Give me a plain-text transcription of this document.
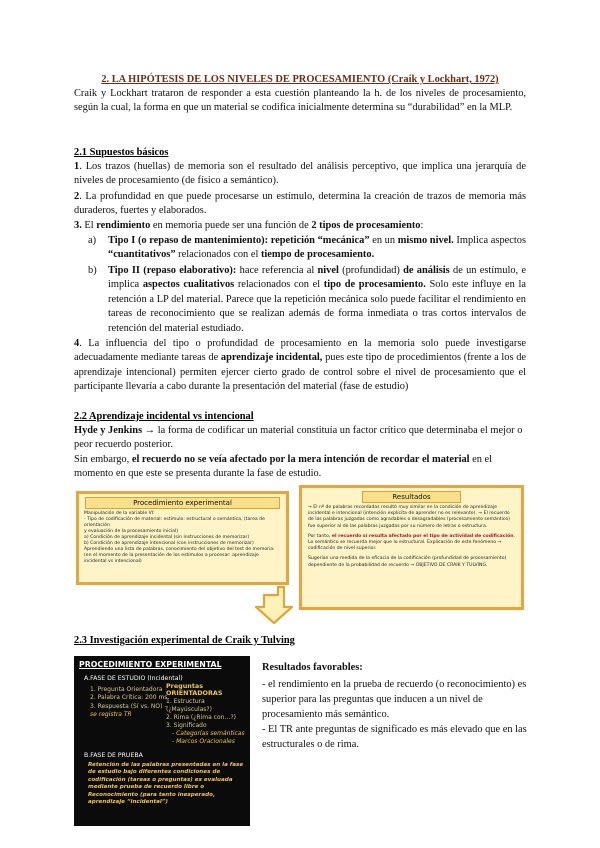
2. LA HIPÓTESIS DE LOS NIVELES DE PROCESAMIENTO (Craik y Lockhart, 1972)
Craik y Lockhart trataron de responder a esta cuestión planteando la h. de los niveles de procesamiento, según la cual, la forma en que un material se codifica inicialmente determina su “durabilidad” en la MLP.
2.1 Supuestos básicos
1. Los trazos (huellas) de memoria son el resultado del análisis perceptivo, que implica una jerarquía de niveles de procesamiento (de físico a semántico).
2. La profundidad en que puede procesarse un estímulo, determina la creación de trazos de memoria más duraderos, fuertes y elaborados.
3. El rendimiento en memoria puede ser una función de 2 tipos de procesamiento:
a)	Tipo I (o repaso de mantenimiento): repetición “mecánica” en un mismo nivel. Implica aspectos “cuantitativos” relacionados con el tiempo de procesamiento.
b)	Tipo II (repaso elaborativo): hace referencia al nivel (profundidad) de análisis de un estímulo, e implica aspectos cualitativos relacionados con el tipo de procesamiento. Solo este influye en la retención a LP del material. Parece que la repetición mecánica solo puede facilitar el rendimiento en tareas de reconocimiento que se realizan además de forma inmediata o tras cortos intervalos de retención del material estudiado.
4. La influencia del tipo o profundidad de procesamiento en la memoria solo puede investigarse adecuadamente mediante tareas de aprendizaje incidental, pues este tipo de procedimientos (frente a los de aprendizaje intencional) permiten ejercer cierto grado de control sobre el nivel de procesamiento que el participante llevaría a cabo durante la presentación del material (fase de estudio)
2.2 Aprendizaje incidental vs intencional
Hyde y Jenkins → la forma de codificar un material constituía un factor crítico que determinaba el mejor o peor recuerdo posterior.
Sin embargo, el recuerdo no se veía afectado por la mera intención de recordar el material en el momento en que este se presenta durante la fase de estudio.
Procedimiento experimental
Manipulación de la variable VI:
- Tipo de codificación de material: estimulo: estructural o semántica, (tarea de orientación
y evaluación de la procesamiento inicial)
a) Condición de aprendizaje incidental (sin instrucciones de memorizar)
b) Condición de aprendizaje intencional (con instrucciones de memorizar)
Aprendiendo una lista de palabras, conocimiento del objetivo del test de memoria:
(en el momento de la presentación de los estímulos a procesar: aprendizaje
incidental vs intencional)
Resultados

→ El nº de palabras recordadas resultó muy similar en la condición de aprendizaje incidental e intencional (intención explícita de aprender no es relevante). → El recuerdo de las palabras juzgadas como agradables o desagradables (procesamiento semántico) fue superior al de las palabras juzgadas por su número de letras o estructura.

Por tanto, el recuerdo sí resulta afectado por el tipo de actividad de codificación. Lo semántico se recuerda mejor que lo estructural. Explicación de este fenómeno → codificación de nivel superior.

Sugerían una medida de la eficacia de la codificación (profundidad de procesamiento) dependiente de la probabilidad de recuerdo → OBJETIVO DE CRAIK Y TULVING.

2.3 Investigación experimental de Craik y Tulving
PROCEDIMIENTO EXPERIMENTAL
A.FASE DE ESTUDIO (Incidental)
1. Pregunta Orientadora
2. Palabra Crítica: 200 ms.
3. Respuesta (Sí vs. NO) –
se registra TR
Preguntas ORIENTADORAS
1. Estructura (¿Mayúsculas?)
2. Rima (¿Rima con…?)
3. Significado
- Categorías semánticas
- Marcos Oracionales
B.FASE DE PRUEBA
Retención de las palabras presentadas en la fase de estudio bajo diferentes condiciones de codificación (tareas o preguntas) es evaluada mediante prueba de recuerdo libre o Reconocimiento (para tanto inesperado, aprendizaje “incidental”)
Resultados favorables:
- el rendimiento en la prueba de recuerdo (o reconocimiento) es superior para las preguntas que inducen a un nivel de procesamiento más semántico.
- El TR ante preguntas de significado es más elevado que en las estructurales o de rima.
